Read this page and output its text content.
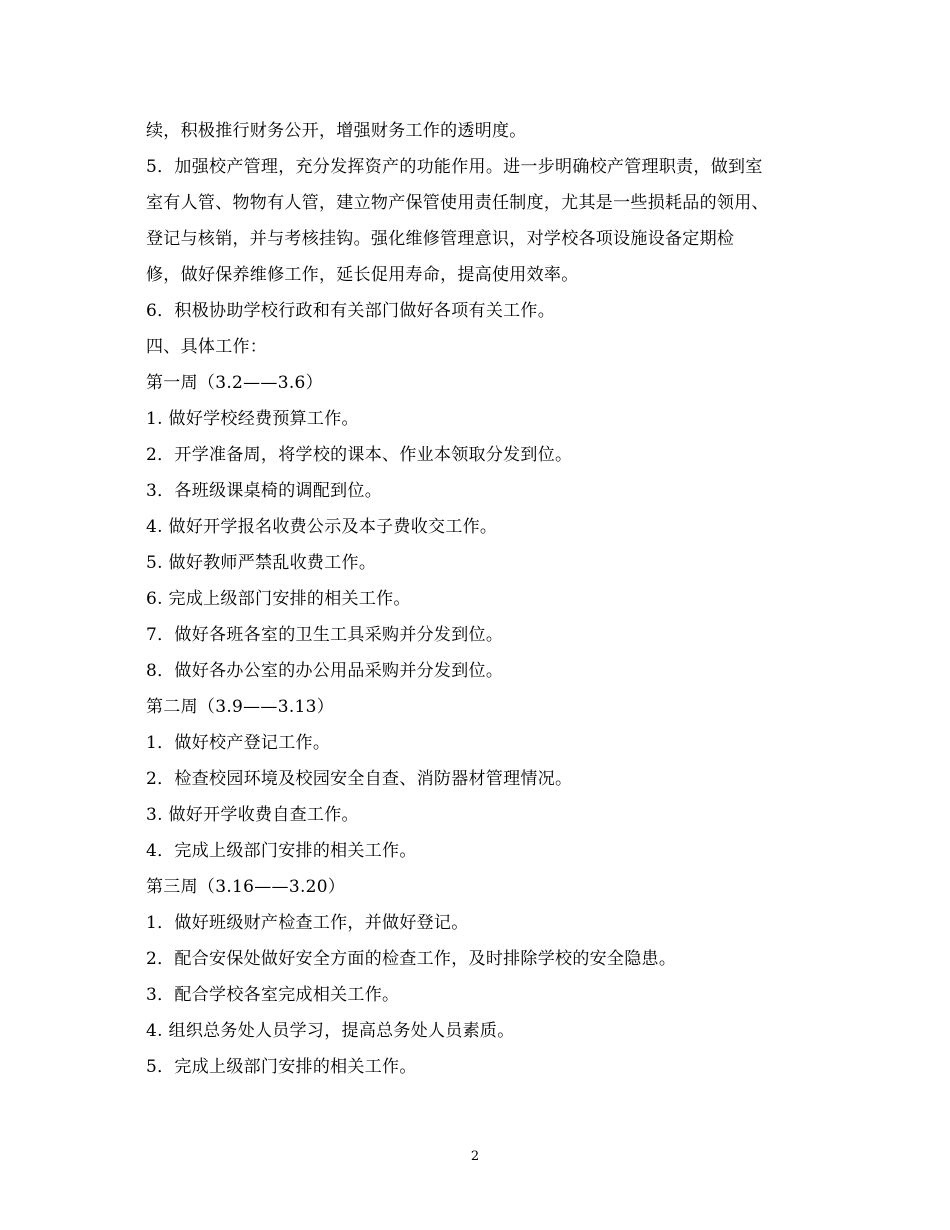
续，积极推行财务公开，增强财务工作的透明度。
5．加强校产管理，充分发挥资产的功能作用。进一步明确校产管理职责，做到室
室有人管、物物有人管，建立物产保管使用责任制度，尤其是一些损耗品的领用、
登记与核销，并与考核挂钩。强化维修管理意识，对学校各项设施设备定期检
修，做好保养维修工作，延长促用寿命，提高使用效率。
6．积极协助学校行政和有关部门做好各项有关工作。
四、具体工作：
第一周（3.2——3.6）
1. 做好学校经费预算工作。
2．开学准备周，将学校的课本、作业本领取分发到位。
3．各班级课桌椅的调配到位。
4. 做好开学报名收费公示及本子费收交工作。
5. 做好教师严禁乱收费工作。
6. 完成上级部门安排的相关工作。
7．做好各班各室的卫生工具采购并分发到位。
8．做好各办公室的办公用品采购并分发到位。
第二周（3.9——3.13）
1．做好校产登记工作。
2．检查校园环境及校园安全自查、消防器材管理情况。
3. 做好开学收费自查工作。
4．完成上级部门安排的相关工作。
第三周（3.16——3.20）
1．做好班级财产检查工作，并做好登记。
2．配合安保处做好安全方面的检查工作，及时排除学校的安全隐患。
3．配合学校各室完成相关工作。
4. 组织总务处人员学习，提高总务处人员素质。
5．完成上级部门安排的相关工作。
2
